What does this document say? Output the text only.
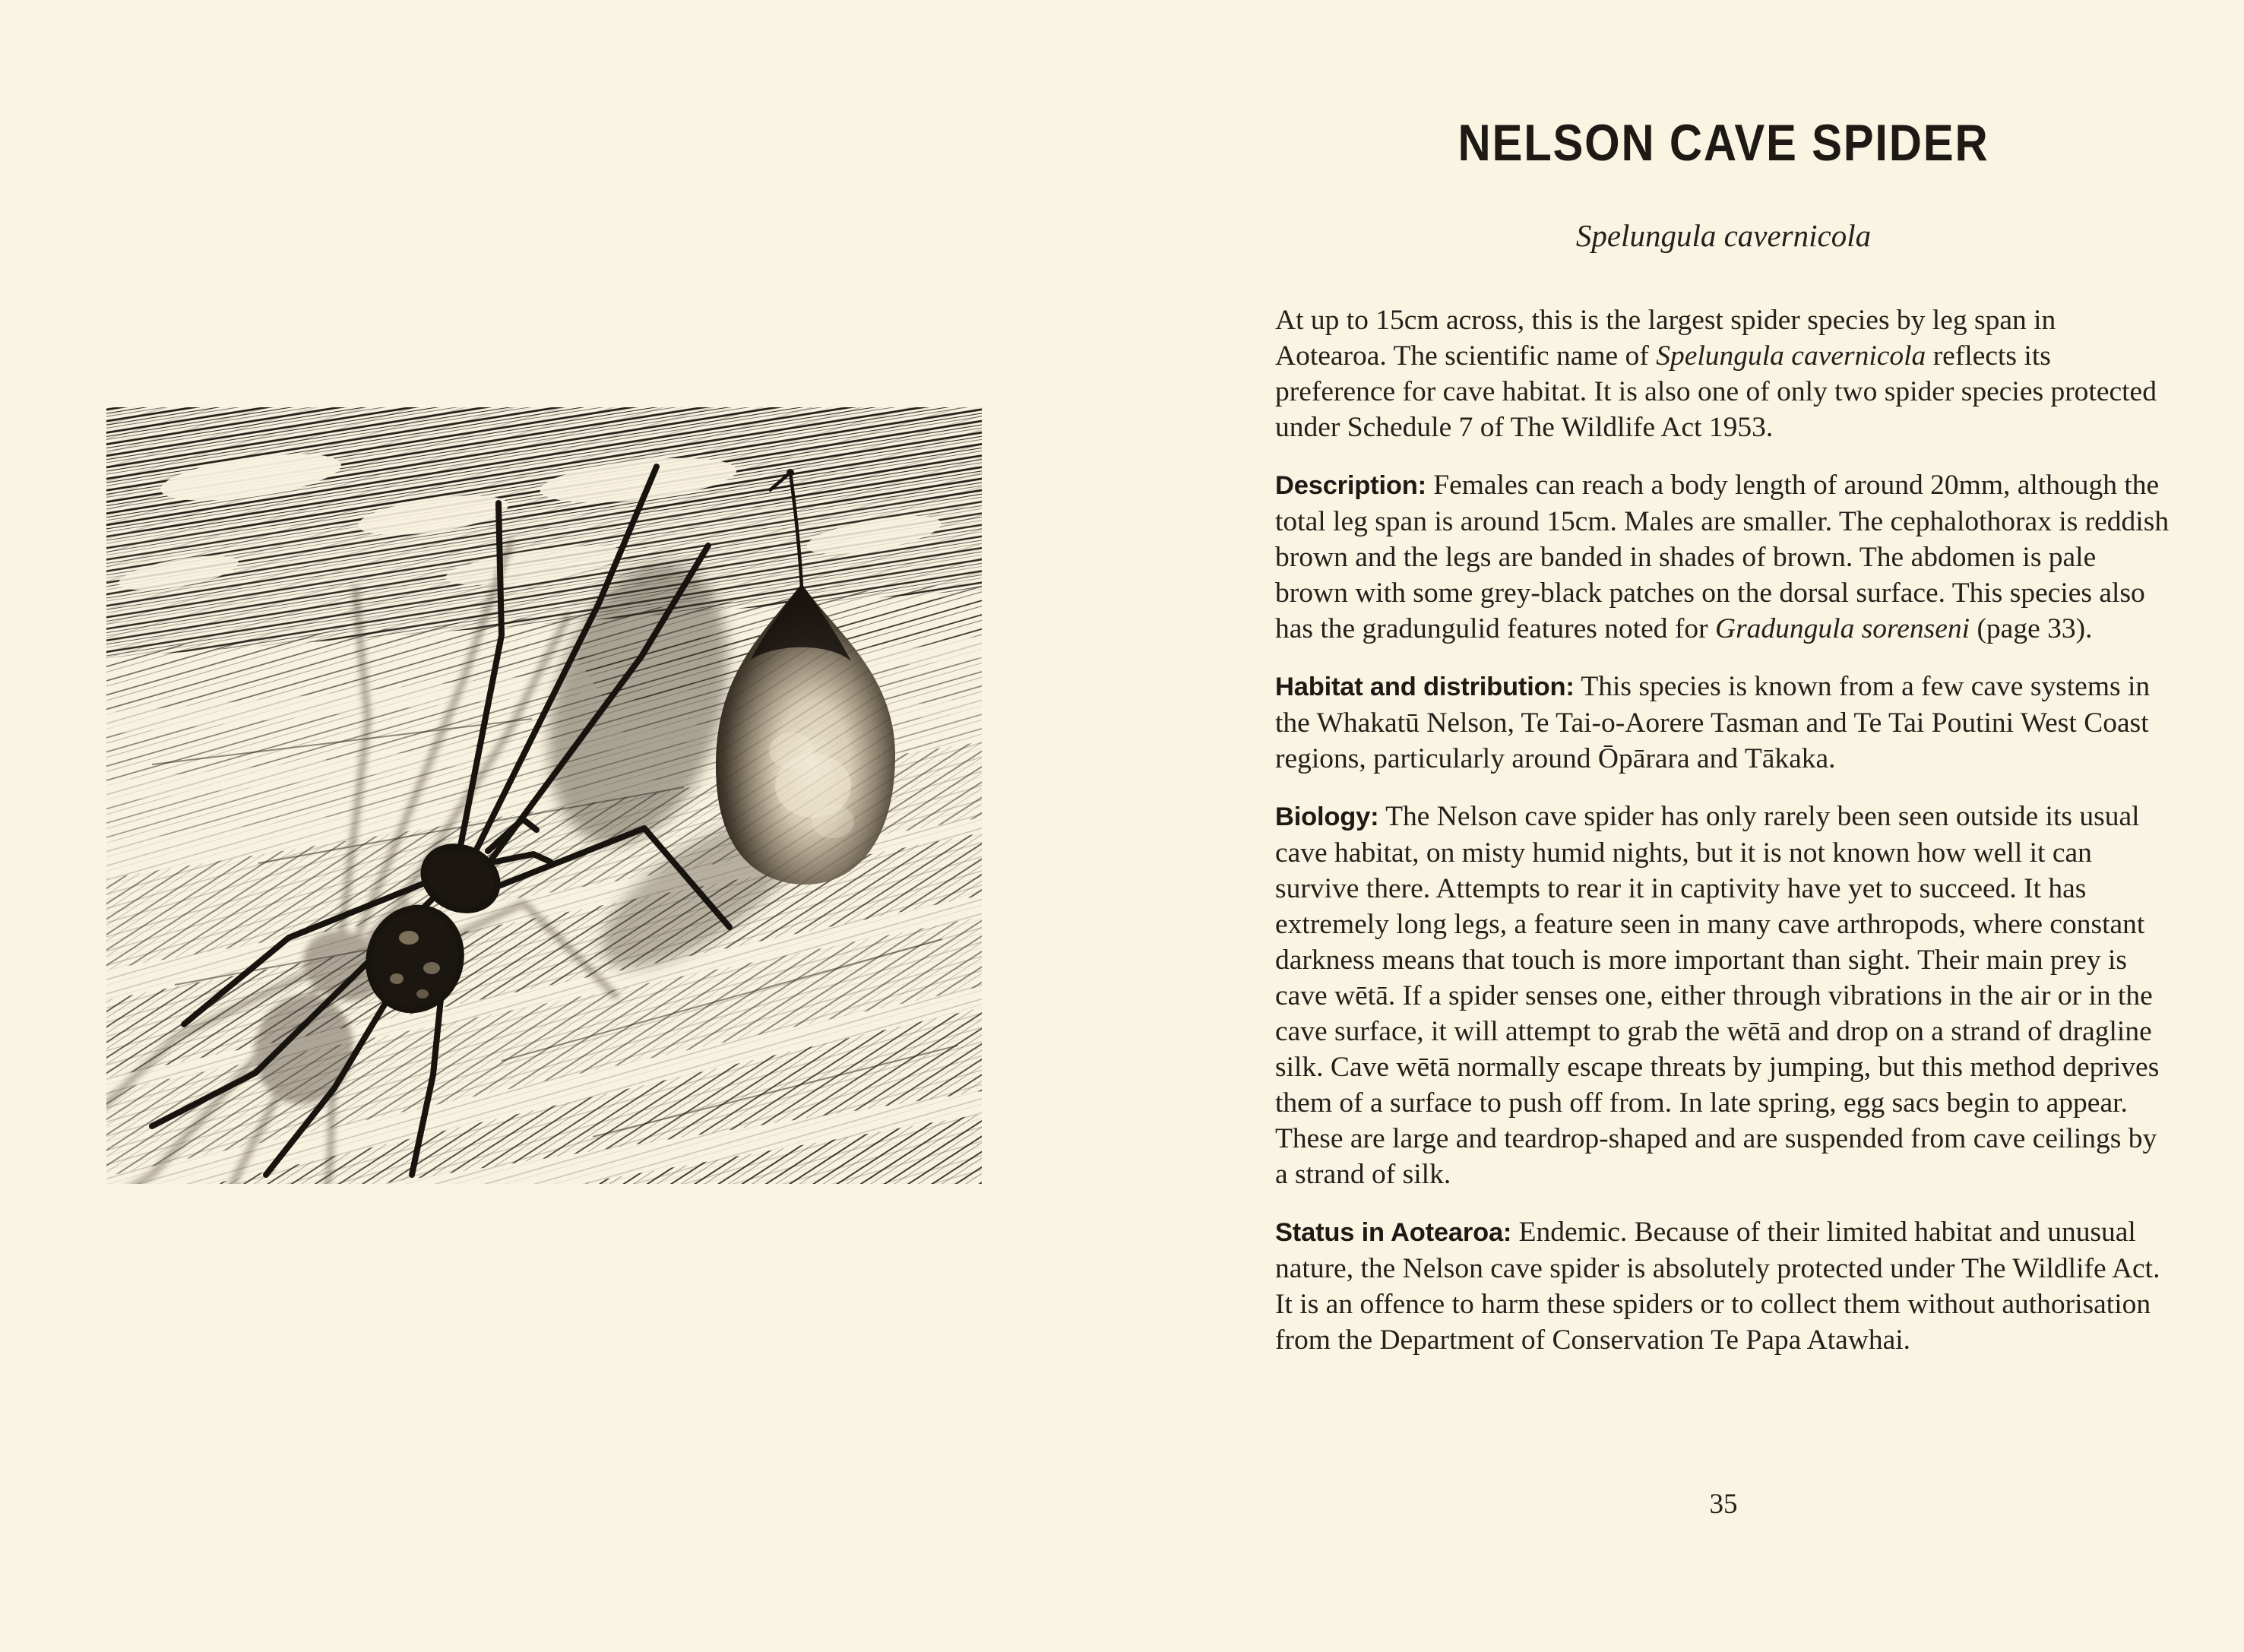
NELSON CAVE SPIDER
Spelungula cavernicola

At up to 15cm across, this is the largest spider species by leg span in Aotearoa. The scientific name of Spelungula cavernicola reflects its preference for cave habitat. It is also one of only two spider species protected under Schedule 7 of The Wildlife Act 1953.

Description: Females can reach a body length of around 20mm, although the total leg span is around 15cm. Males are smaller. The cephalothorax is reddish brown and the legs are banded in shades of brown. The abdomen is pale brown with some grey-black patches on the dorsal surface. This species also has the gradungulid features noted for Gradungula sorenseni (page 33).

Habitat and distribution: This species is known from a few cave systems in the Whakatū Nelson, Te Tai-o-Aorere Tasman and Te Tai Poutini West Coast regions, particularly around Ōpārara and Tākaka.

Biology: The Nelson cave spider has only rarely been seen outside its usual cave habitat, on misty humid nights, but it is not known how well it can survive there. Attempts to rear it in captivity have yet to succeed. It has extremely long legs, a feature seen in many cave arthropods, where constant darkness means that touch is more important than sight. Their main prey is cave wētā. If a spider senses one, either through vibrations in the air or in the cave surface, it will attempt to grab the wētā and drop on a strand of dragline silk. Cave wētā normally escape threats by jumping, but this method deprives them of a surface to push off from. In late spring, egg sacs begin to appear. These are large and teardrop-shaped and are suspended from cave ceilings by a strand of silk.

Status in Aotearoa: Endemic. Because of their limited habitat and unusual nature, the Nelson cave spider is absolutely protected under The Wildlife Act. It is an offence to harm these spiders or to collect them without authorisation from the Department of Conservation Te Papa Atawhai.

35
